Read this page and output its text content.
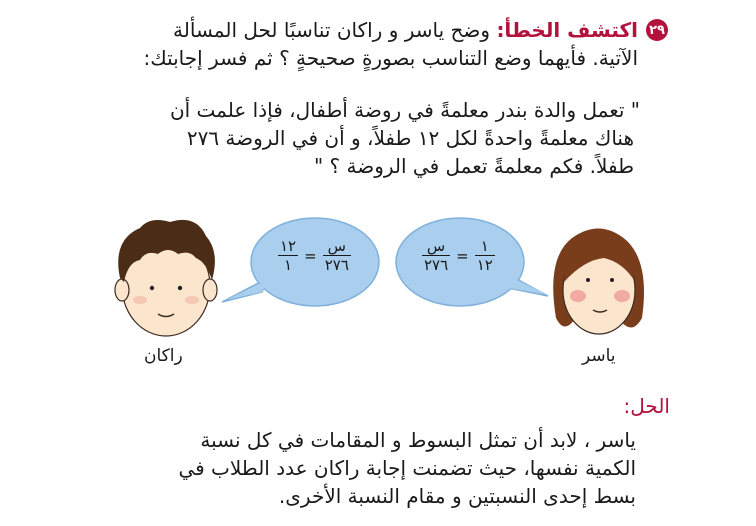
٢٩
اكتشف الخطأ: وضح ياسر و راكان تناسبًا لحل المسألة
الآتية. فأيهما وضع التناسب بصورةٍ صحيحةٍ ؟ ثم فسر إجابتك:
" تعمل والدة بندر معلمةً في روضة أطفال، فإذا علمت أن
هناك معلمةً واحدةً لكل ١٢ طفلاً، و أن في الروضة ٢٧٦
طفلاً. فكم معلمةً تعمل في الروضة ؟ "
$\frac{١٢}{١} = \frac{\text{س}}{٢٧٦}$	$\frac{\text{س}}{٢٧٦} = \frac{١}{١٢}$
راكان	ياسر
الحل:
ياسر ، لابد أن تمثل البسوط و المقامات في كل نسبة
الكمية نفسها، حيث تضمنت إجابة راكان عدد الطلاب في
بسط إحدى النسبتين و مقام النسبة الأخرى.
